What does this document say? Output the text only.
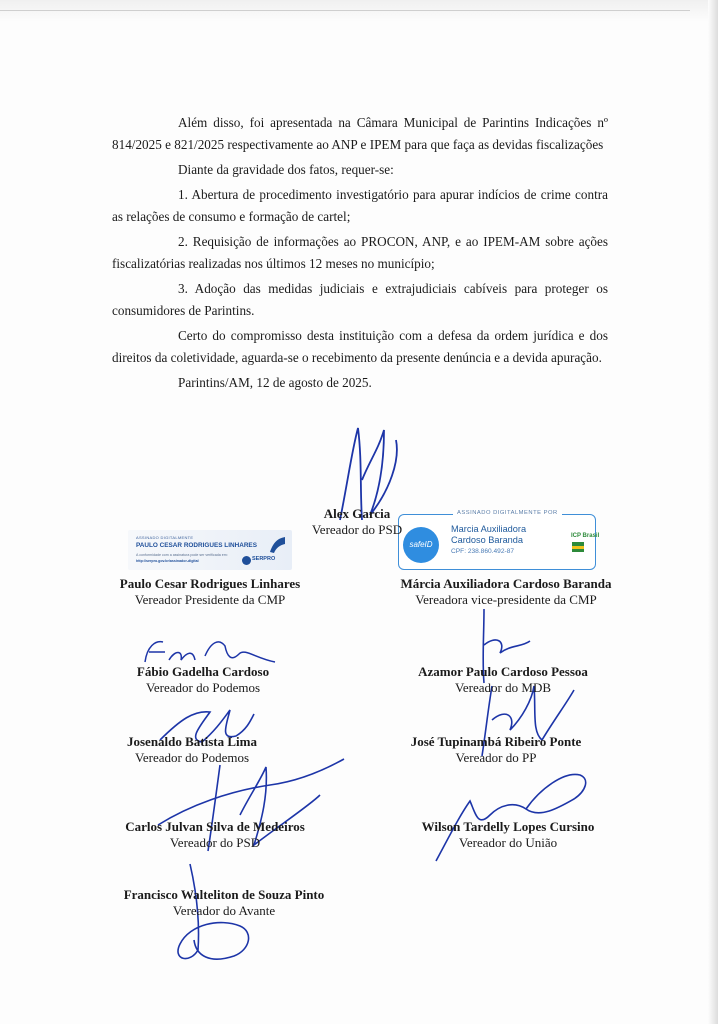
Além disso, foi apresentada na Câmara Municipal de Parintins Indicações nº 814/2025 e 821/2025 respectivamente ao ANP e IPEM para que faça as devidas fiscalizações

Diante da gravidade dos fatos, requer-se:

1. Abertura de procedimento investigatório para apurar indícios de crime contra as relações de consumo e formação de cartel;

2. Requisição de informações ao PROCON, ANP, e ao IPEM-AM sobre ações fiscalizatórias realizadas nos últimos 12 meses no município;

3. Adoção das medidas judiciais e extrajudiciais cabíveis para proteger os consumidores de Parintins.

Certo do compromisso desta instituição com a defesa da ordem jurídica e dos direitos da coletividade, aguarda-se o recebimento da presente denúncia e a devida apuração.

Parintins/AM, 12 de agosto de 2025.

ASSINADO DIGITALMENTE
PAULO CESAR RODRIGUES LINHARES
A conformidade com a assinatura pode ser verificada em:
http://serpro.gov.br/assinador-digital	SERPRO
ASSINADO DIGITALMENTE POR
safeID
Marcia Auxiliadora
Cardoso Baranda
CPF: 238.860.492-87
ICP Brasil
Alex Garcia
Vereador do PSD
Paulo Cesar Rodrigues Linhares
Vereador Presidente da CMP
Márcia Auxiliadora Cardoso Baranda
Vereadora vice-presidente da CMP
Fábio Gadelha Cardoso
Vereador do Podemos
Azamor Paulo Cardoso Pessoa
Vereador do MDB
Josenaldo Batista Lima
Vereador do Podemos
José Tupinambá Ribeiro Ponte
Vereador do PP
Carlos Julvan Silva de Medeiros
Vereador do PSD
Wilson Tardelly Lopes Cursino
Vereador do União
Francisco Walteliton de Souza Pinto
Vereador do Avante
